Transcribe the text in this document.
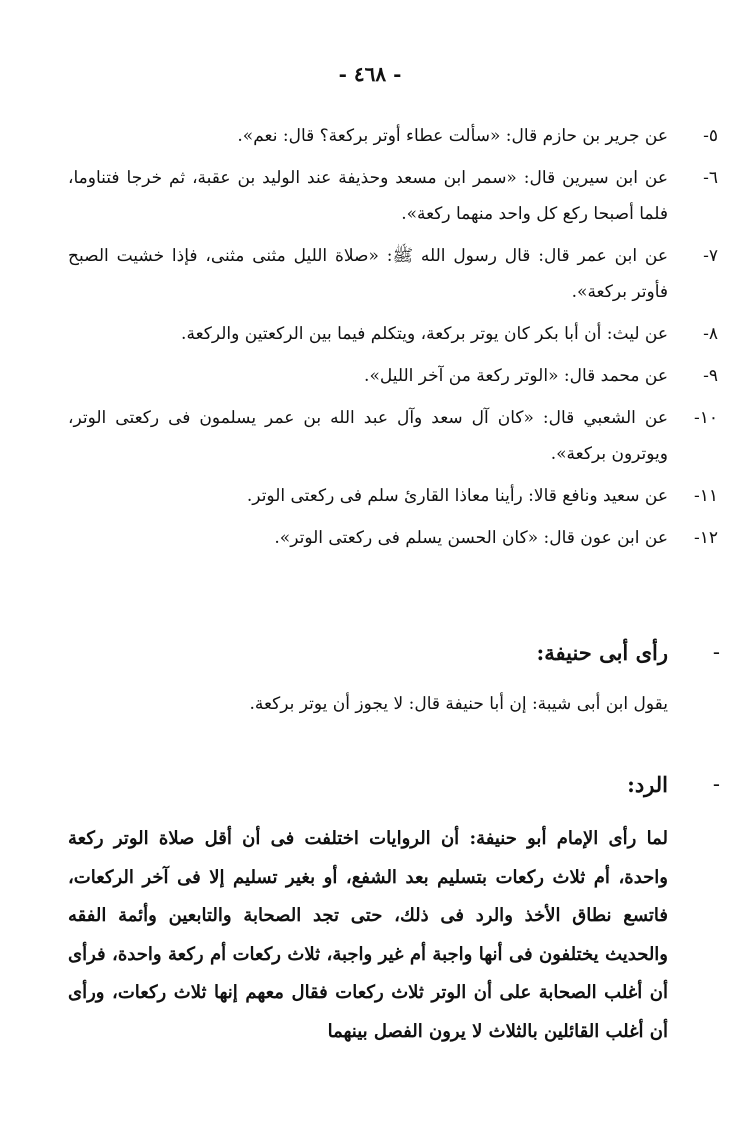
- ٤٦٨ -
٥-
عن جرير بن حازم قال: «سألت عطاء أوتر بركعة؟ قال: نعم».
٦-
عن ابن سيرين قال: «سمر ابن مسعد وحذيفة عند الوليد بن عقبة، ثم خرجا فتناوما، فلما أصبحا ركع كل واحد منهما ركعة».
٧-
عن ابن عمر قال: قال رسول الله ﷺ: «صلاة الليل مثنى مثنى، فإذا خشيت الصبح فأوتر بركعة».
٨-
عن ليث: أن أبا بكر كان يوتر بركعة، ويتكلم فيما بين الركعتين والركعة.
٩-
عن محمد قال: «الوتر ركعة من آخر الليل».
١٠-
عن الشعبي قال: «كان آل سعد وآل عبد الله بن عمر يسلمون فى ركعتى الوتر، ويوترون بركعة».
١١-
عن سعيد ونافع قالا: رأينا معاذا القارئ سلم فى ركعتى الوتر.
١٢-
عن ابن عون قال: «كان الحسن يسلم فى ركعتى الوتر».
-
رأى أبى حنيفة:
يقول ابن أبى شيبة: إن أبا حنيفة قال: لا يجوز أن يوتر بركعة.
-
الرد:

لما رأى الإمام أبو حنيفة: أن الروايات اختلفت فى أن أقل صلاة الوتر ركعة واحدة، أم ثلاث ركعات بتسليم بعد الشفع، أو بغير تسليم إلا فى آخر الركعات، فاتسع نطاق الأخذ والرد فى ذلك، حتى تجد الصحابة والتابعين وأئمة الفقه والحديث يختلفون فى أنها واجبة أم غير واجبة، ثلاث ركعات أم ركعة واحدة، فرأى أن أغلب الصحابة على أن الوتر ثلاث ركعات فقال معهم إنها ثلاث ركعات، ورأى أن أغلب القائلين بالثلاث لا يرون الفصل بينهما
